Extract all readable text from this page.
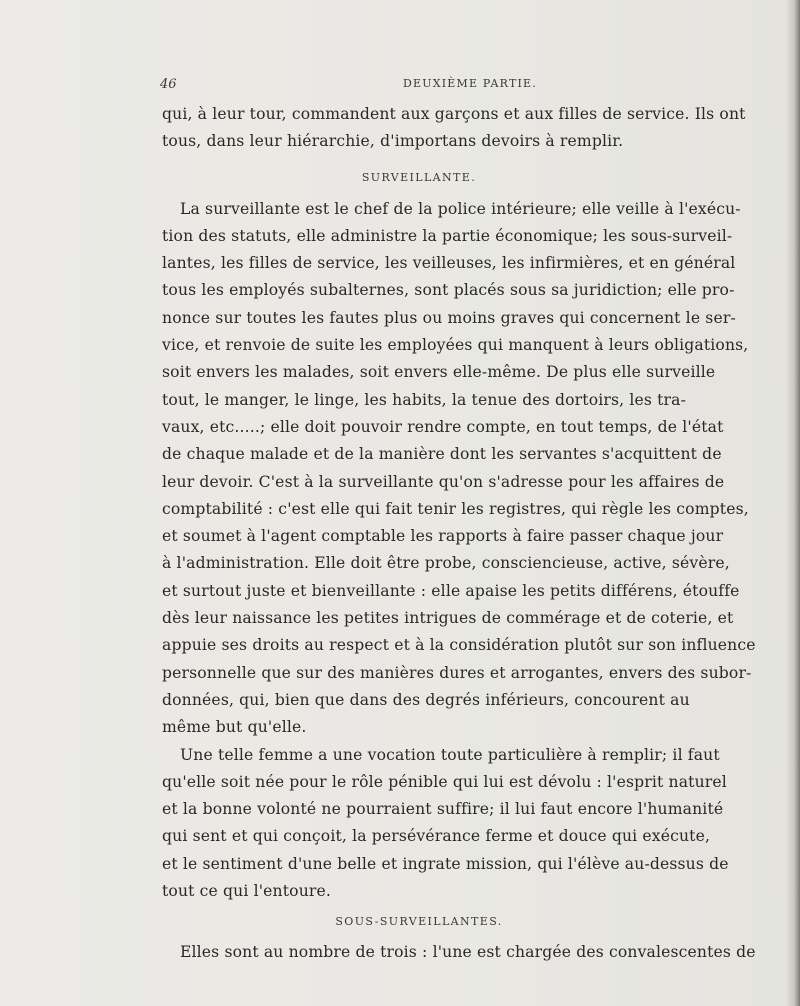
46	DEUXIÈME PARTIE.
qui, à leur tour, commandent aux garçons et aux filles de service. Ils ont
tous, dans leur hiérarchie, d'importans devoirs à remplir.
SURVEILLANTE.
La surveillante est le chef de la police intérieure; elle veille à l'exécu-
tion des statuts, elle administre la partie économique; les sous-surveil-
lantes, les filles de service, les veilleuses, les infirmières, et en général
tous les employés subalternes, sont placés sous sa juridiction; elle pro-
nonce sur toutes les fautes plus ou moins graves qui concernent le ser-
vice, et renvoie de suite les employées qui manquent à leurs obligations,
soit envers les malades, soit envers elle-même. De plus elle surveille
tout, le manger, le linge, les habits, la tenue des dortoirs, les tra-
vaux, etc.....; elle doit pouvoir rendre compte, en tout temps, de l'état
de chaque malade et de la manière dont les servantes s'acquittent de
leur devoir. C'est à la surveillante qu'on s'adresse pour les affaires de
comptabilité : c'est elle qui fait tenir les registres, qui règle les comptes,
et soumet à l'agent comptable les rapports à faire passer chaque jour
à l'administration. Elle doit être probe, consciencieuse, active, sévère,
et surtout juste et bienveillante : elle apaise les petits différens, étouffe
dès leur naissance les petites intrigues de commérage et de coterie, et
appuie ses droits au respect et à la considération plutôt sur son influence
personnelle que sur des manières dures et arrogantes, envers des subor-
données, qui, bien que dans des degrés inférieurs, concourent au
même but qu'elle.
Une telle femme a une vocation toute particulière à remplir; il faut
qu'elle soit née pour le rôle pénible qui lui est dévolu : l'esprit naturel
et la bonne volonté ne pourraient suffire; il lui faut encore l'humanité
qui sent et qui conçoit, la persévérance ferme et douce qui exécute,
et le sentiment d'une belle et ingrate mission, qui l'élève au-dessus de
tout ce qui l'entoure.
SOUS-SURVEILLANTES.
Elles sont au nombre de trois : l'une est chargée des convalescentes de
